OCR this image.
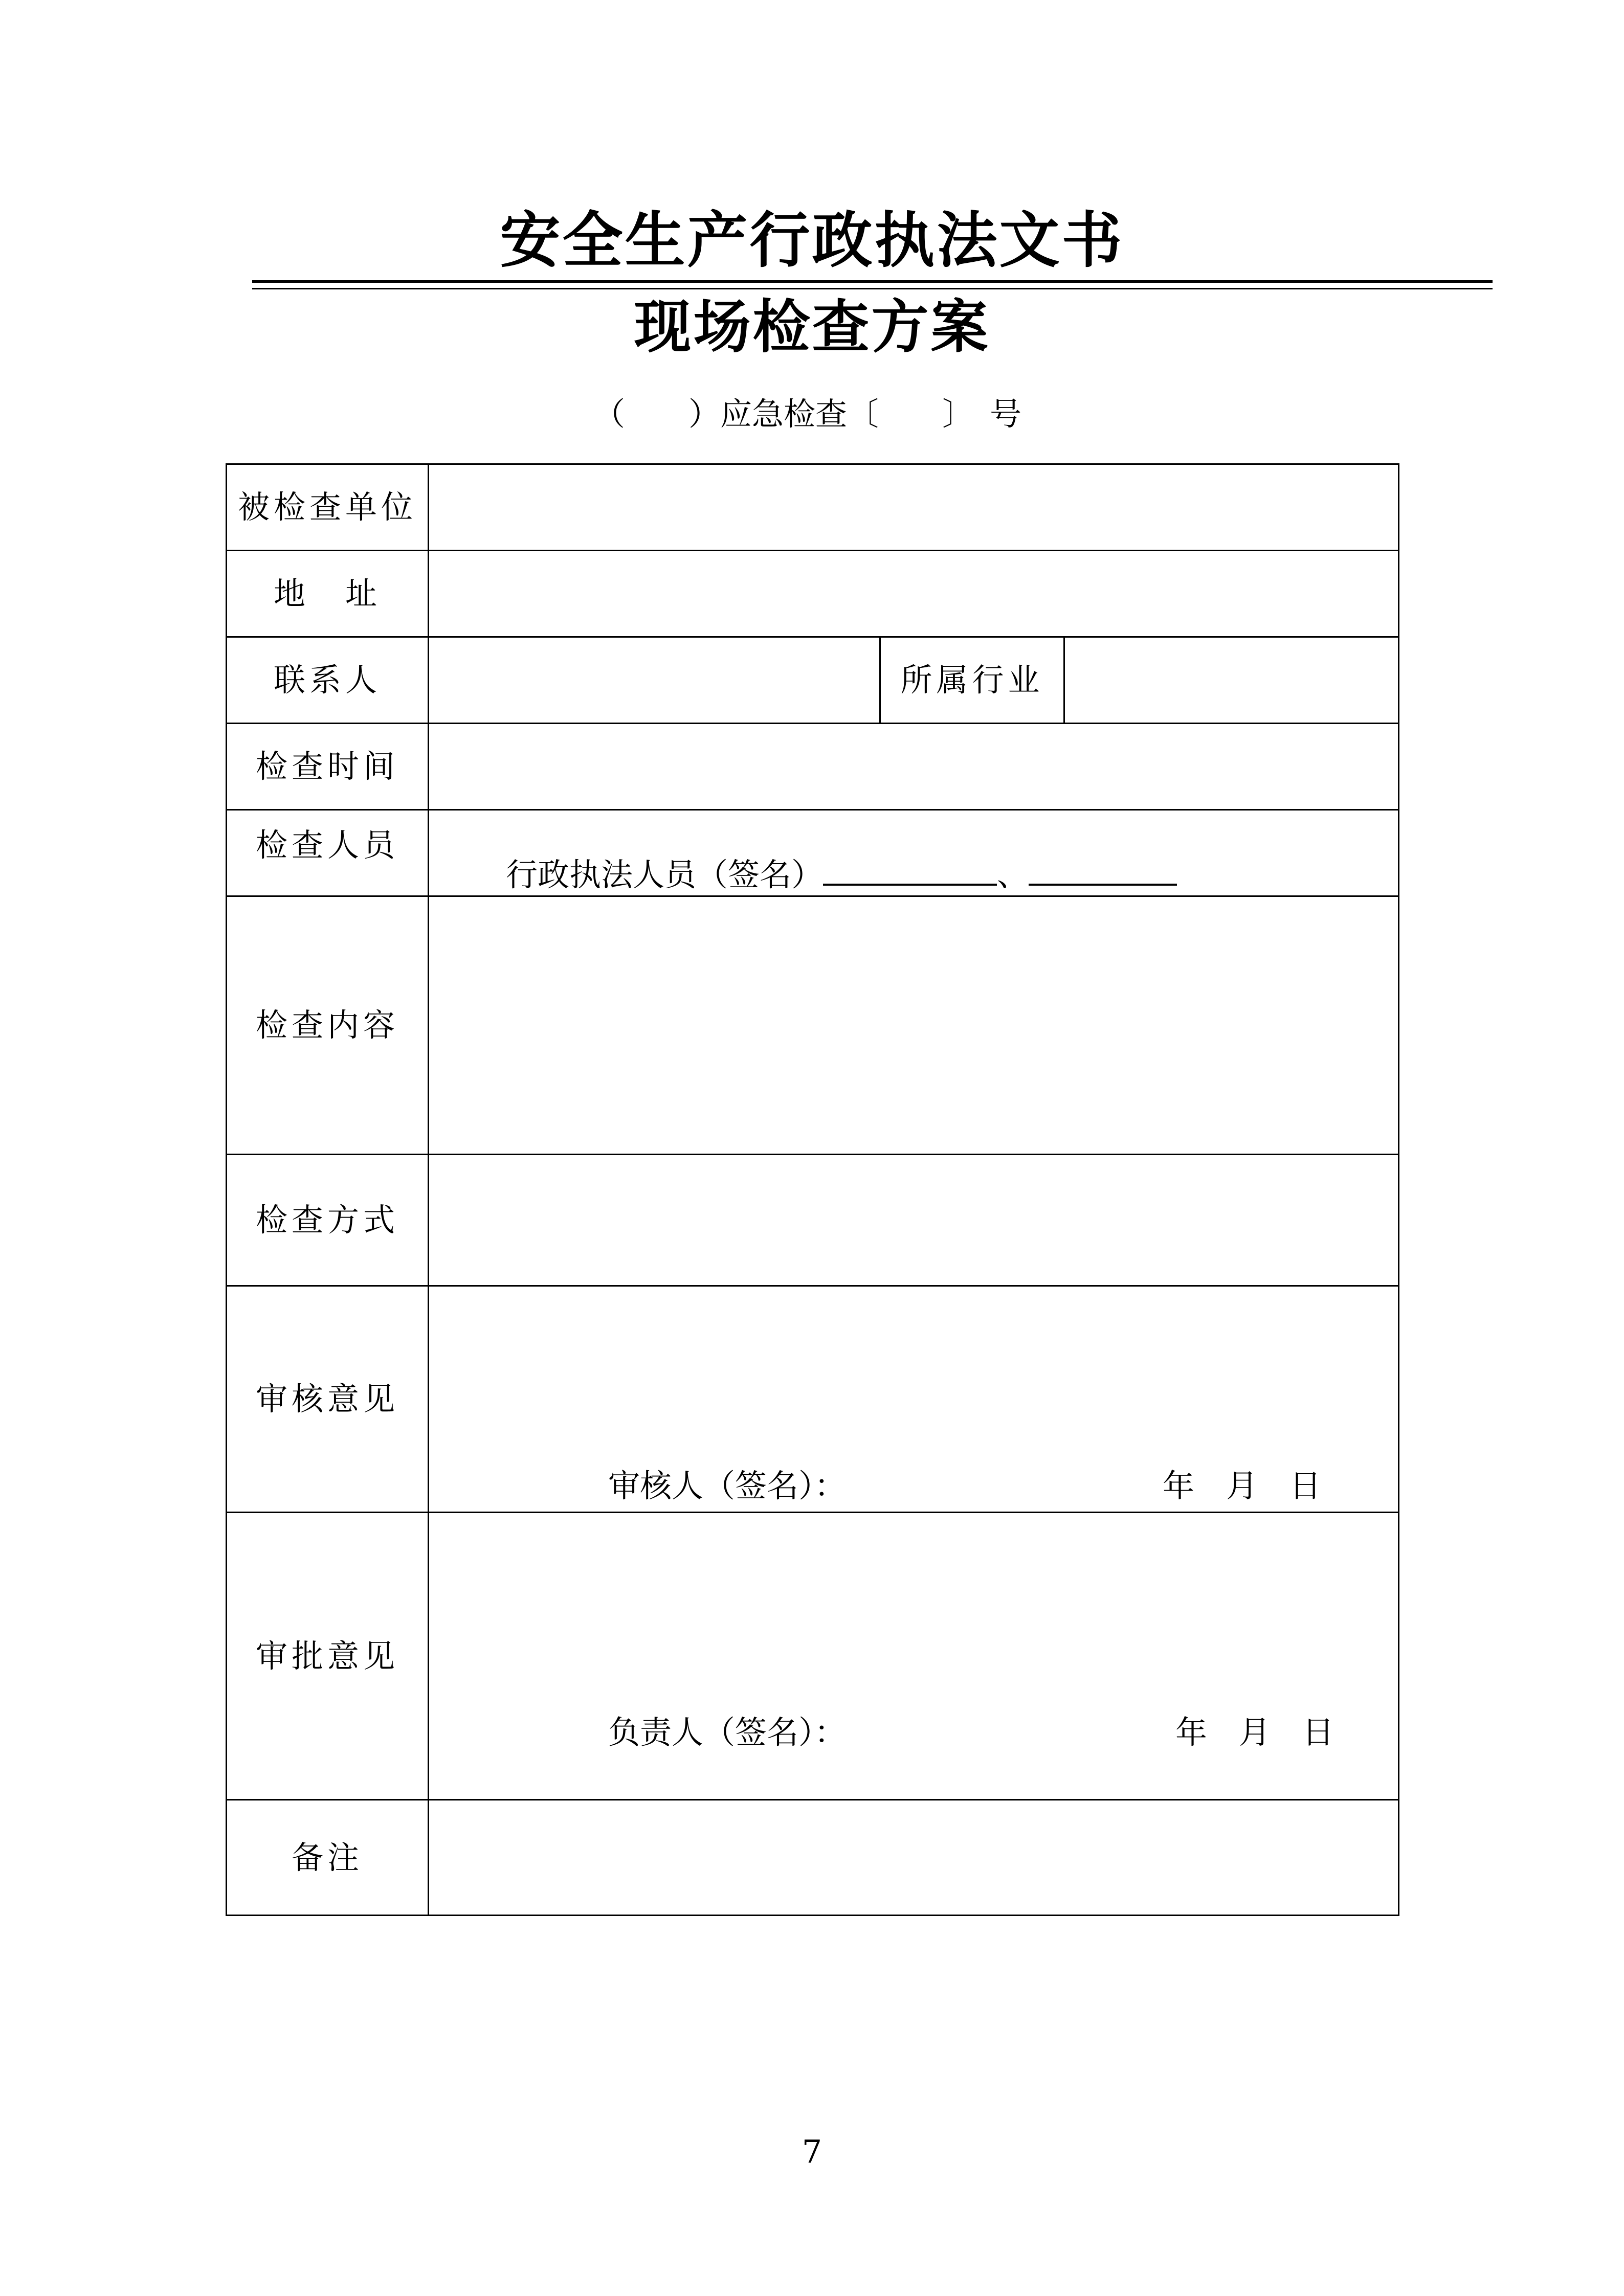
安全生产行政执法文书
现场检查方案
（　　）应急检查〔　　〕　号
被检查单位			
地　址			
联系人		所属行业	
检查时间			
检查人员	行政执法人员（签名） 、		

检查内容			
检查方式			
审核意见	审核人（签名）： 年　月　日		

审批意见	负责人（签名）： 年　月　日		

备注			
7
